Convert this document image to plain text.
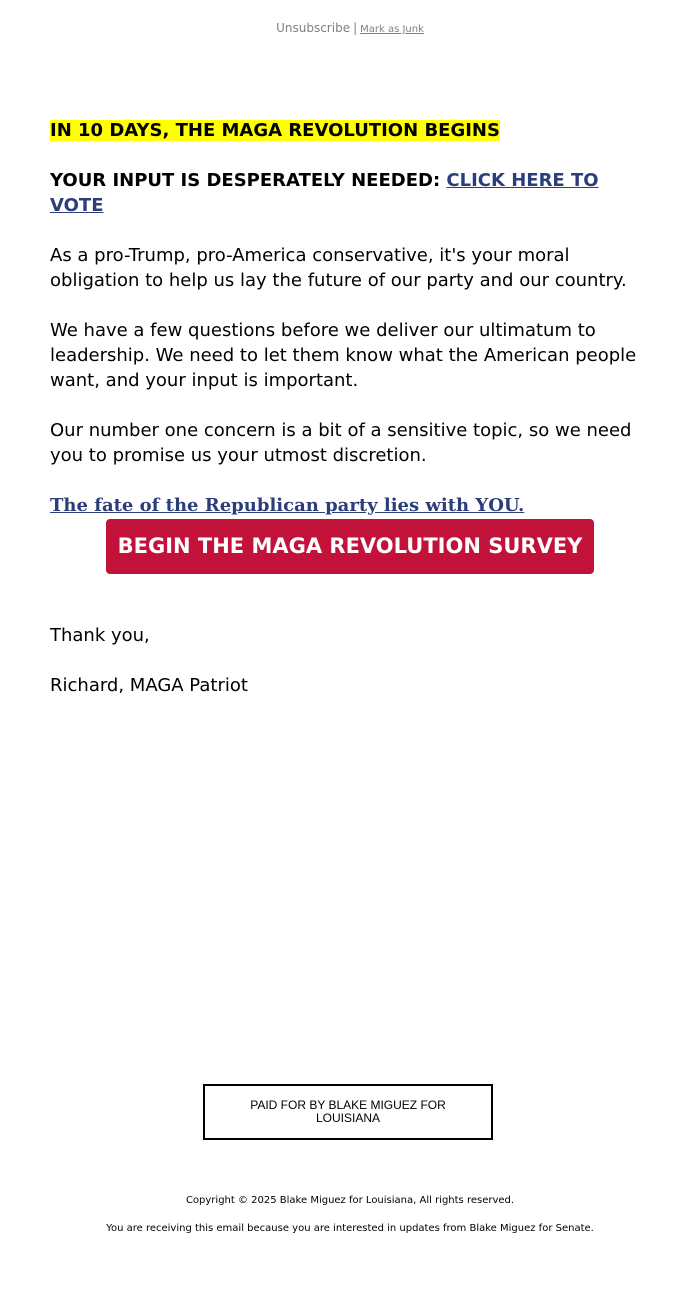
Unsubscribe | Mark as Junk

IN 10 DAYS, THE MAGA REVOLUTION BEGINS

YOUR INPUT IS DESPERATELY NEEDED: CLICK HERE TO VOTE

As a pro-Trump, pro-America conservative, it's your moral obligation to help us lay the future of our party and our country.

We have a few questions before we deliver our ultimatum to leadership. We need to let them know what the American people want, and your input is important.

Our number one concern is a bit of a sensitive topic, so we need you to promise us your utmost discretion.

The fate of the Republican party lies with YOU.

BEGIN THE MAGA REVOLUTION SURVEY

Thank you,

Richard, MAGA Patriot

PAID FOR BY BLAKE MIGUEZ FOR LOUISIANA
Copyright © 2025 Blake Miguez for Louisiana, All rights reserved.
You are receiving this email because you are interested in updates from Blake Miguez for Senate.
